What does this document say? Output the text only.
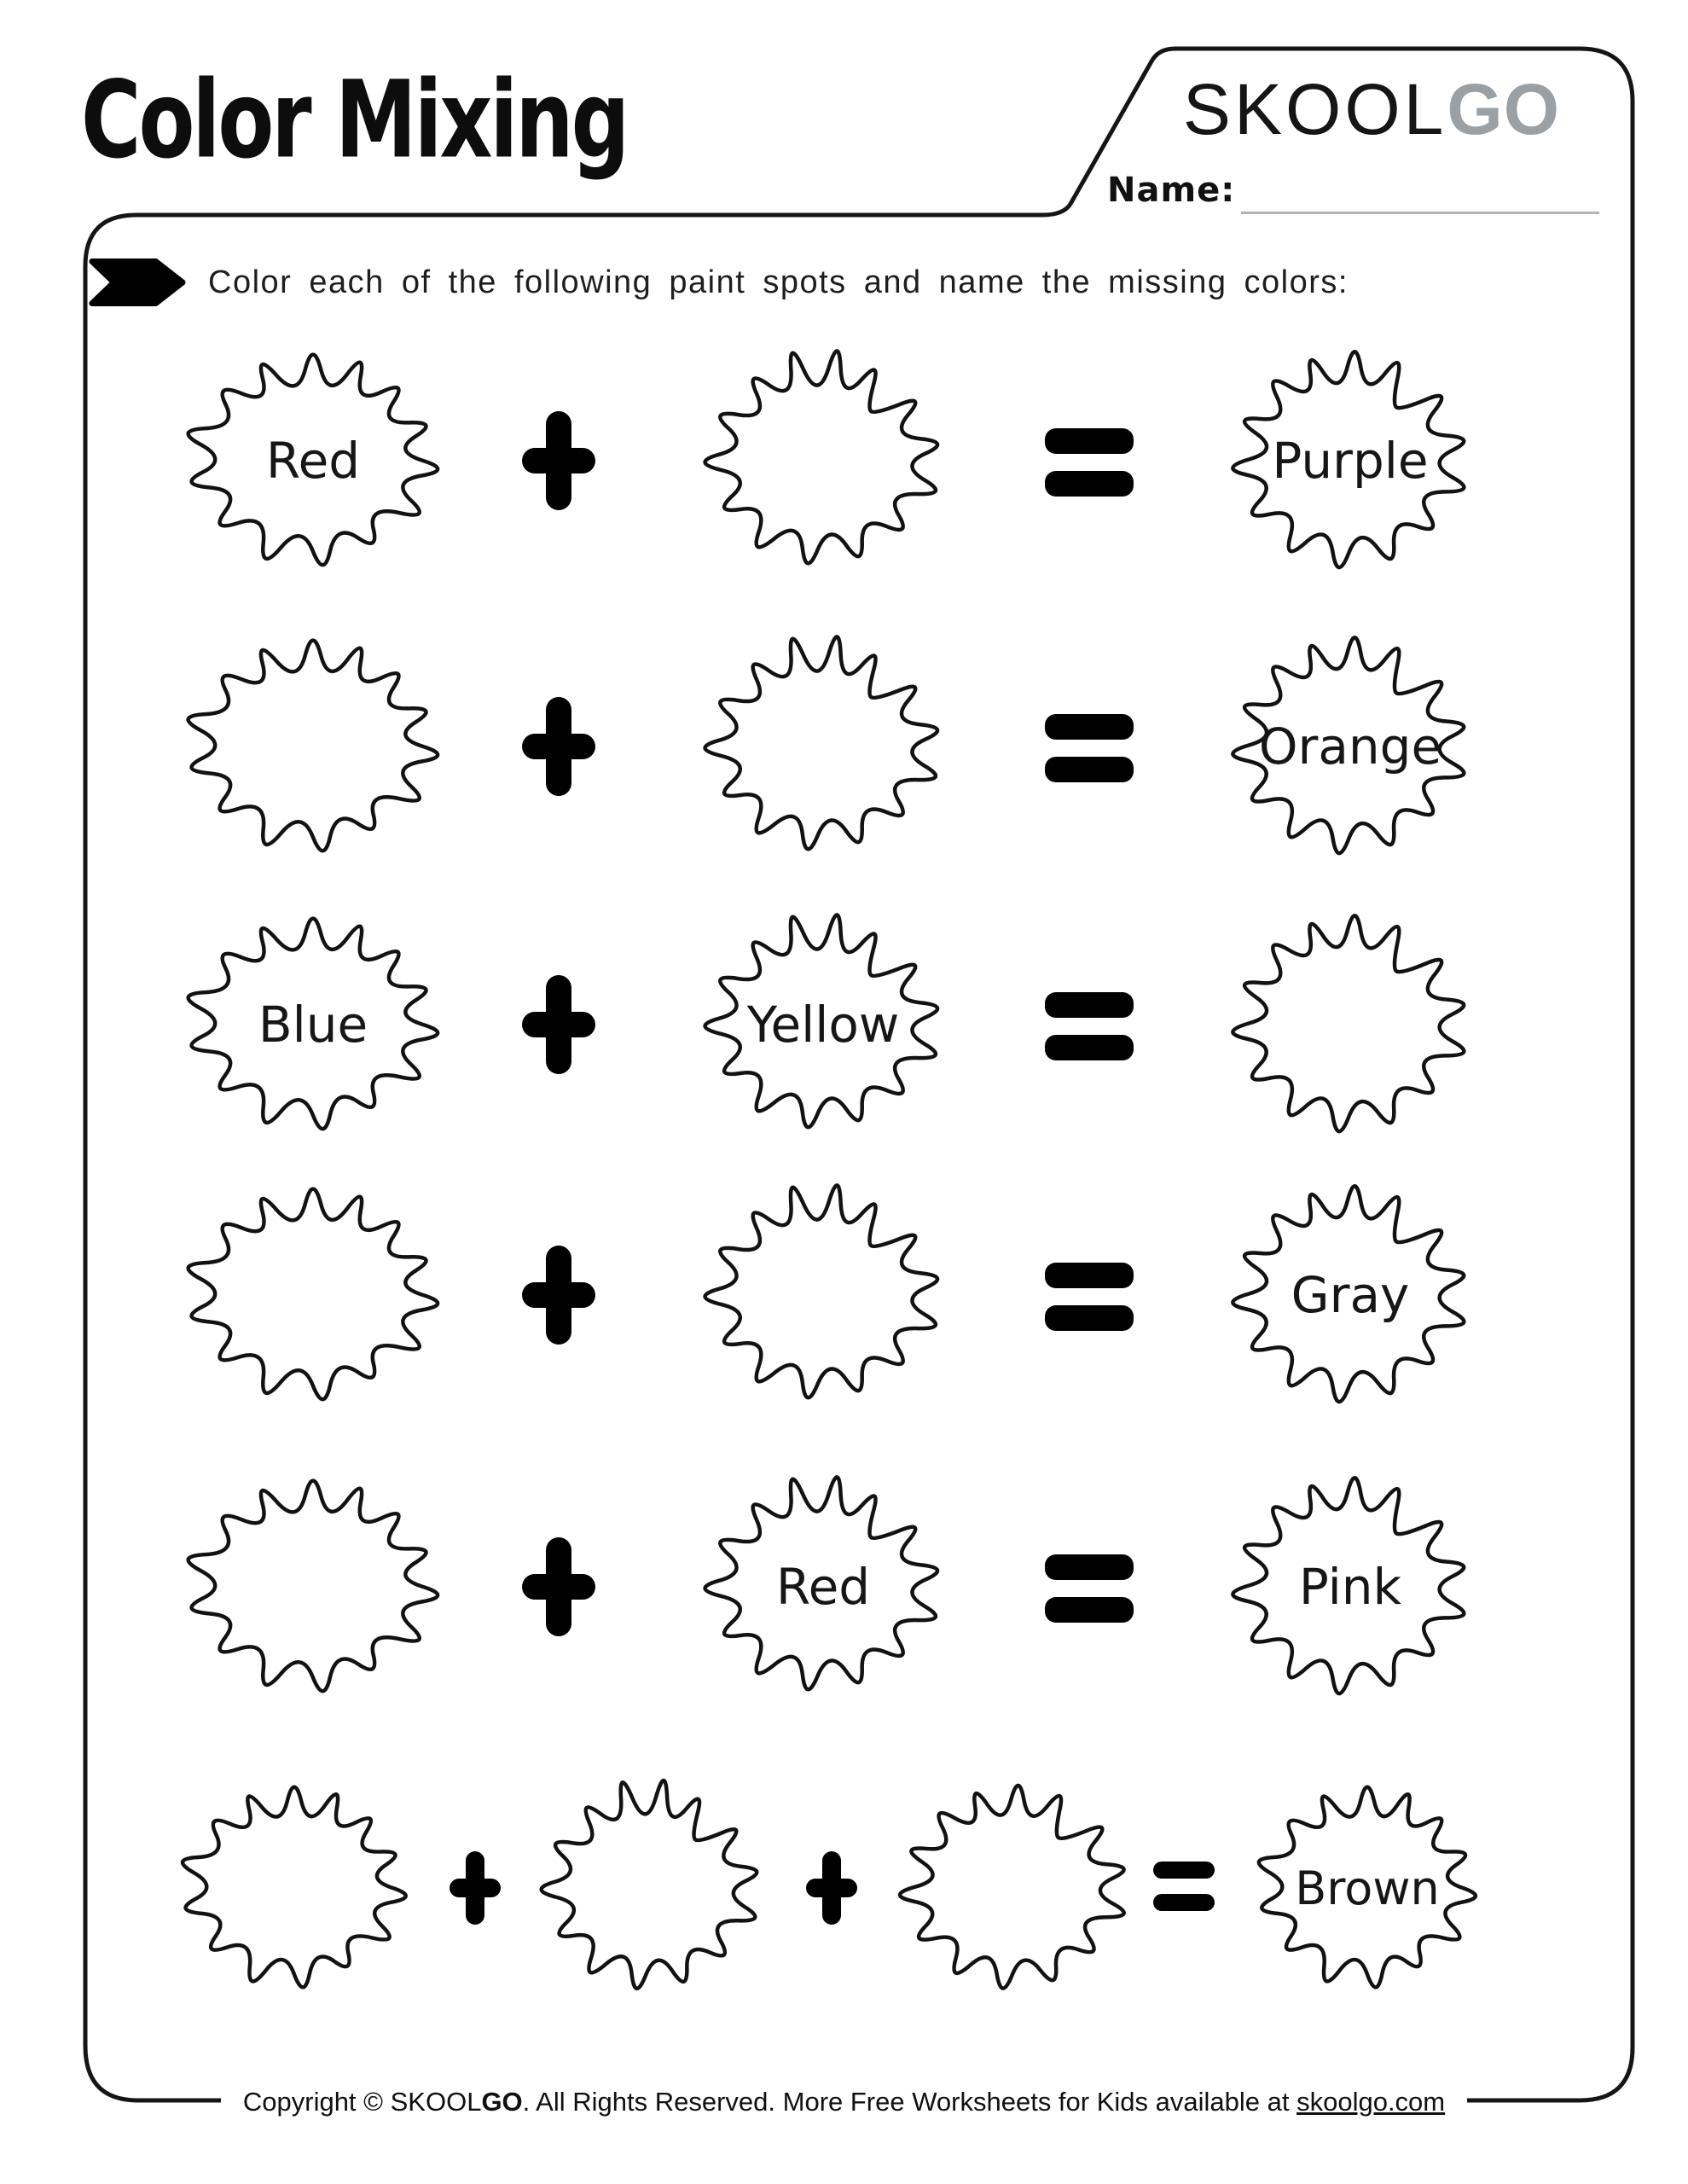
Color Mixing	SKOOLGO
Name:
Color each of the following paint spots and name the missing colors:
Red	Purple
Orange
Blue	Yellow
Gray
Red	Pink
Brown
Copyright © SKOOLGO. All Rights Reserved. More Free Worksheets for Kids available at skoolgo.com
